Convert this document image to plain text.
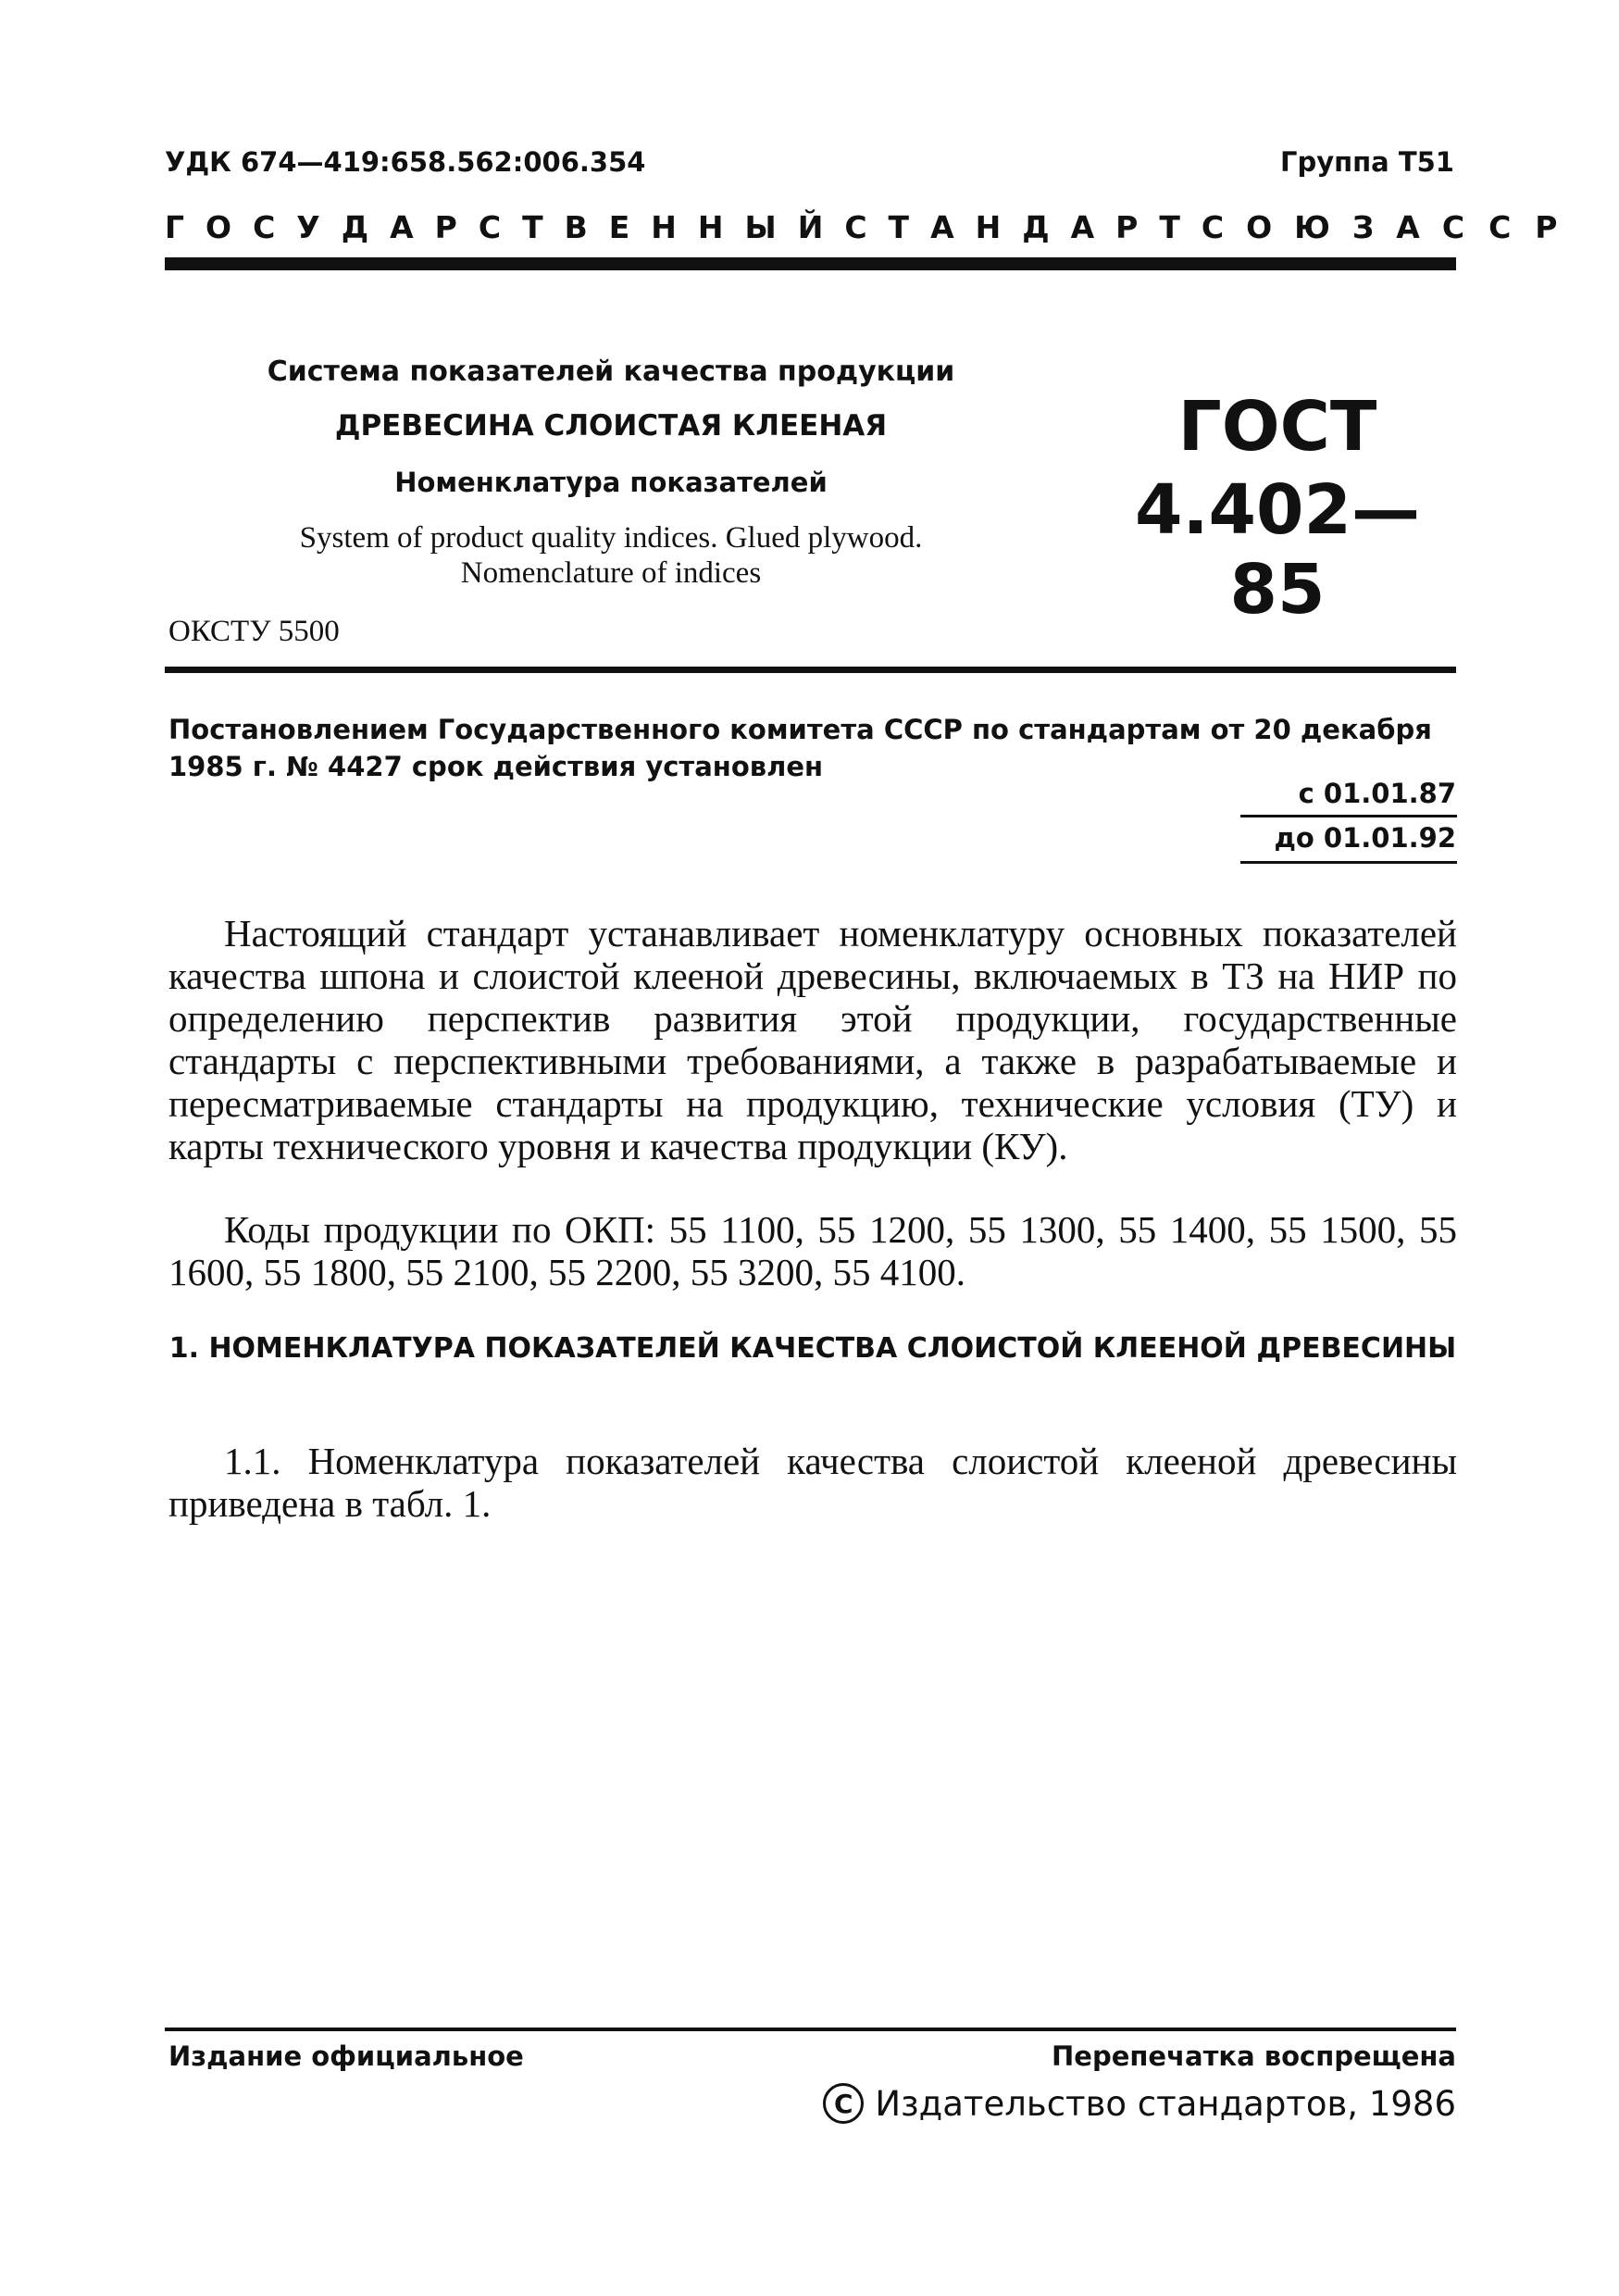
УДК 674—419:658.562:006.354	Группа Т51
ГОСУДАРСТВЕННЫЙ СТАНДАРТ СОЮЗА ССР
Система показателей качества продукции
ДРЕВЕСИНА СЛОИСТАЯ КЛЕЕНАЯ
Номенклатура показателей
System of product quality indices. Glued plywood.
Nomenclature of indices
ГОСТ
4.402—85
ОКСТУ 5500
Постановлением Государственного комитета СССР по стандартам от 20 декабря 1985 г. № 4427 срок действия установлен
с 01.01.87
до 01.01.92
Настоящий стандарт устанавливает номенклатуру основных показателей качества шпона и слоистой клееной древесины, включаемых в ТЗ на НИР по определению перспектив развития этой продукции, государственные стандарты с перспективными требованиями, а также в разрабатываемые и пересматриваемые стандарты на продукцию, технические условия (ТУ) и карты технического уровня и качества продукции (КУ).
Коды продукции по ОКП: 55 1100, 55 1200, 55 1300, 55 1400, 55 1500, 55 1600, 55 1800, 55 2100, 55 2200, 55 3200, 55 4100.
1. НОМЕНКЛАТУРА ПОКАЗАТЕЛЕЙ КАЧЕСТВА СЛОИСТОЙ КЛЕЕНОЙ ДРЕВЕСИНЫ
1.1. Номенклатура показателей качества слоистой клееной древесины приведена в табл. 1.
Издание официальное	Перепечатка воспрещена
C Издательство стандартов, 1986
